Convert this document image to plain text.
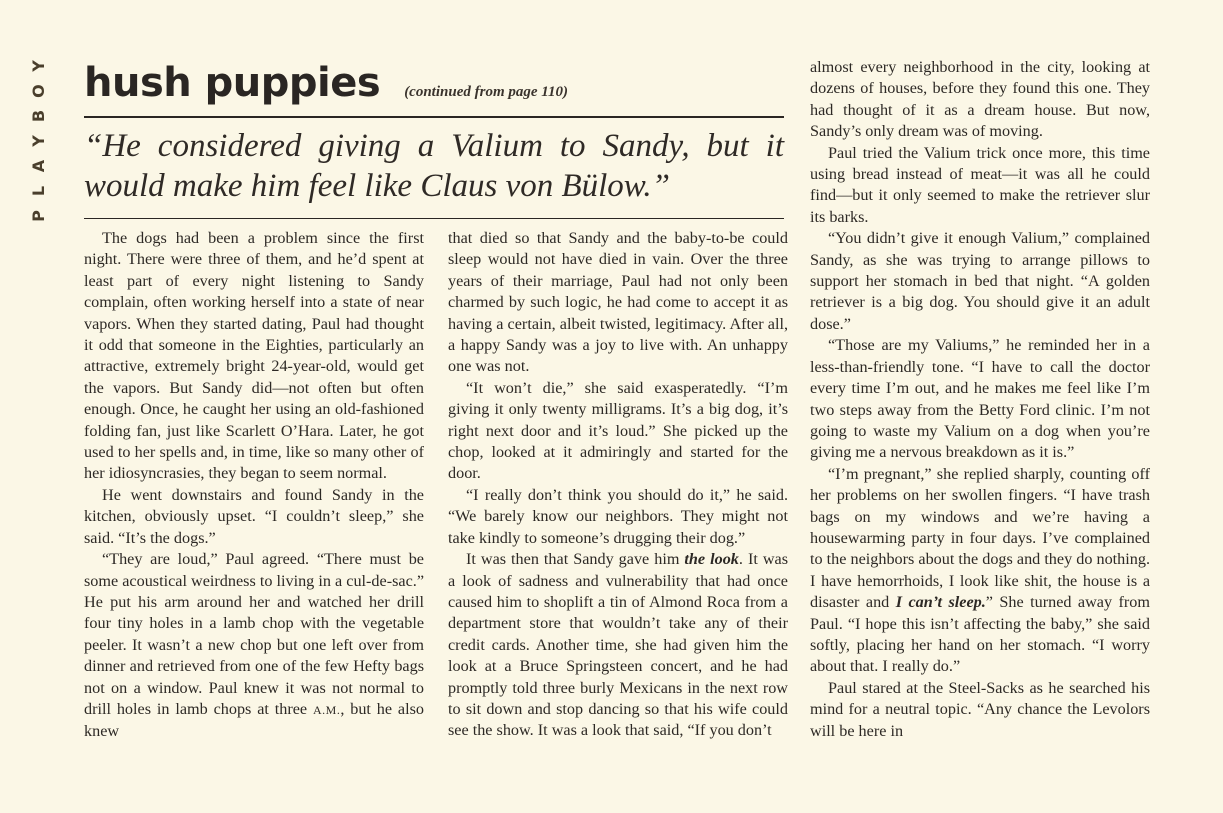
Y
O
B
Y
A
L
P
hush puppies (continued from page 110)
“He considered giving a Valium to Sandy, but it would make him feel like Claus von Bülow.”

The dogs had been a problem since the first night. There were three of them, and he’d spent at least part of every night listening to Sandy complain, often working herself into a state of near vapors. When they started dating, Paul had thought it odd that someone in the Eighties, particularly an attractive, extremely bright 24-year-old, would get the vapors. But Sandy did—not often but often enough. Once, he caught her using an old-fashioned folding fan, just like Scarlett O’Hara. Later, he got used to her spells and, in time, like so many other of her idiosyncrasies, they began to seem normal.

He went downstairs and found Sandy in the kitchen, obviously upset. “I couldn’t sleep,” she said. “It’s the dogs.”

“They are loud,” Paul agreed. “There must be some acoustical weirdness to living in a cul-de-sac.” He put his arm around her and watched her drill four tiny holes in a lamb chop with the vegetable peeler. It wasn’t a new chop but one left over from dinner and retrieved from one of the few Hefty bags not on a window. Paul knew it was not normal to drill holes in lamb chops at three A.M., but he also knew

that died so that Sandy and the baby-to-be could sleep would not have died in vain. Over the three years of their marriage, Paul had not only been charmed by such logic, he had come to accept it as having a certain, albeit twisted, legitimacy. After all, a happy Sandy was a joy to live with. An unhappy one was not.

“It won’t die,” she said exasperatedly. “I’m giving it only twenty milligrams. It’s a big dog, it’s right next door and it’s loud.” She picked up the chop, looked at it admiringly and started for the door.

“I really don’t think you should do it,” he said. “We barely know our neighbors. They might not take kindly to someone’s drugging their dog.”

It was then that Sandy gave him the look. It was a look of sadness and vulnerability that had once caused him to shoplift a tin of Almond Roca from a department store that wouldn’t take any of their credit cards. Another time, she had given him the look at a Bruce Springsteen concert, and he had promptly told three burly Mexicans in the next row to sit down and stop dancing so that his wife could see the show. It was a look that said, “If you don’t

almost every neighborhood in the city, looking at dozens of houses, before they found this one. They had thought of it as a dream house. But now, Sandy’s only dream was of moving.

Paul tried the Valium trick once more, this time using bread instead of meat—it was all he could find—but it only seemed to make the retriever slur its barks.

“You didn’t give it enough Valium,” complained Sandy, as she was trying to arrange pillows to support her stomach in bed that night. “A golden retriever is a big dog. You should give it an adult dose.”

“Those are my Valiums,” he reminded her in a less-than-friendly tone. “I have to call the doctor every time I’m out, and he makes me feel like I’m two steps away from the Betty Ford clinic. I’m not going to waste my Valium on a dog when you’re giving me a nervous breakdown as it is.”

“I’m pregnant,” she replied sharply, counting off her problems on her swollen fingers. “I have trash bags on my windows and we’re having a housewarming party in four days. I’ve complained to the neighbors about the dogs and they do nothing. I have hemorrhoids, I look like shit, the house is a disaster and I can’t sleep.” She turned away from Paul. “I hope this isn’t affecting the baby,” she said softly, placing her hand on her stomach. “I worry about that. I really do.”

Paul stared at the Steel-Sacks as he searched his mind for a neutral topic. “Any chance the Levolors will be here in
